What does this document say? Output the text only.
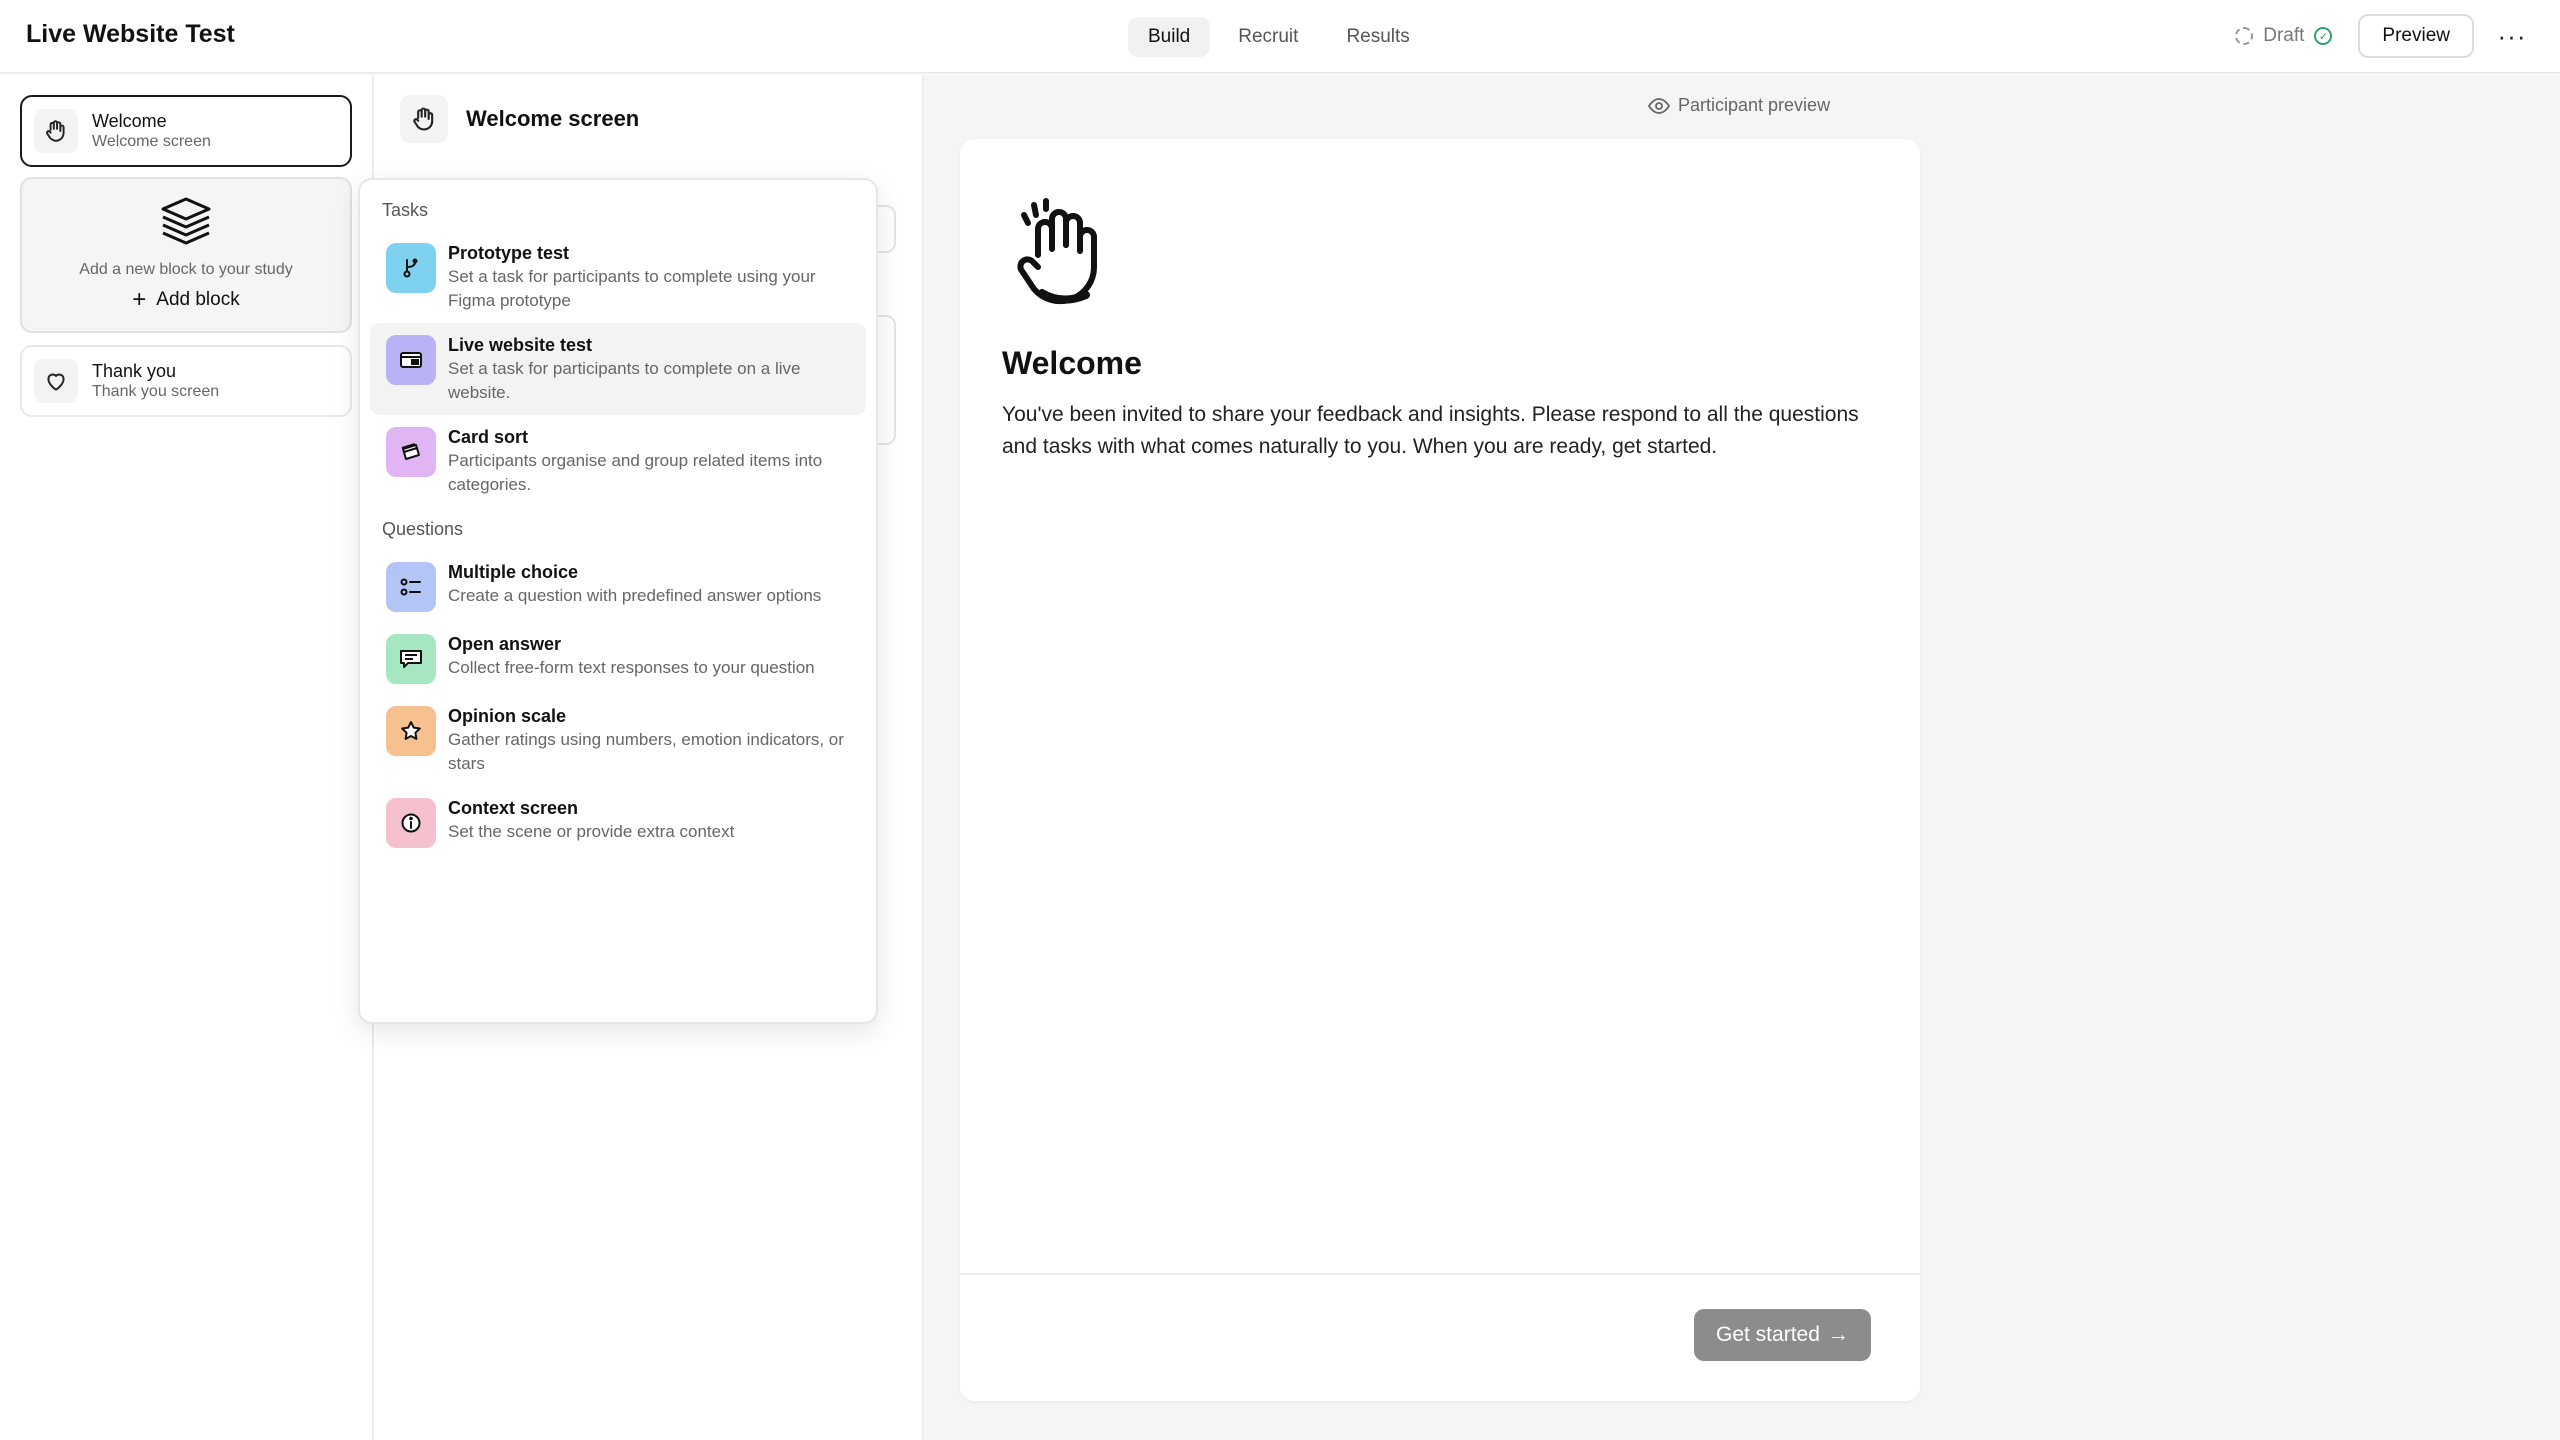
Live Website Test	Build	Recruit	Results	Draft	✓	Preview	···
Welcome
Welcome screen
Add a new block to your study
+ Add block
Thank you
Thank you screen
Welcome screen
Tasks
Prototype test
Set a task for participants to complete using your Figma prototype
Live website test
Set a task for participants to complete on a live website.
Card sort
Participants organise and group related items into categories.
Questions
Multiple choice
Create a question with predefined answer options
Open answer
Collect free-form text responses to your question
Opinion scale
Gather ratings using numbers, emotion indicators, or stars
Context screen
Set the scene or provide extra context
Participant preview
Welcome
You've been invited to share your feedback and insights. Please respond to all the questions and tasks with what comes naturally to you. When you are ready, get started.
Get started →
